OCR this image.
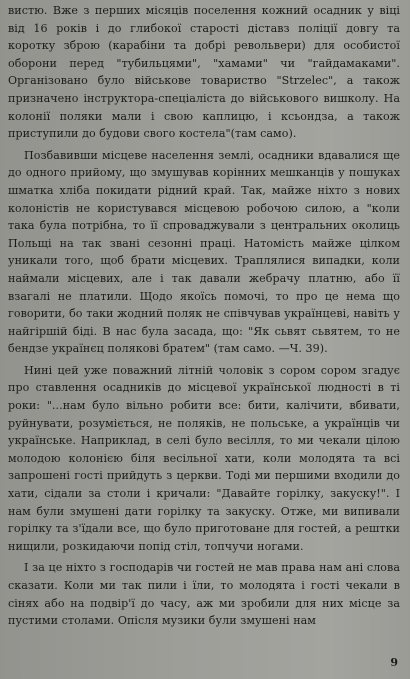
вистю. Вже з перших місяців поселення кожний осадник у віці від 16 років і до глибокої старості діставз поліції довгу та коротку зброю (карабіни та добрі револьвери) для особистої оборони перед "тубильцями", "хамами" чи "гайдамаками". Організовано було військове товариство "Strzelec", а також призначено інструктора-спеціаліста до військового вишколу. На колонії поляки мали і свою каплицю, і ксьондза, а також приступили до будови свого костела"(там само).

Позбавивши місцеве населення землі, осадники вдавалися ще до одного прийому, що змушував корінних мешканців у пошуках шматка хліба покидати рідний край. Так, майже ніхто з нових колоністів не користувався місцевою робочою силою, а "коли така була потрібна, то її спроваджували з центральних околиць Польщі на так звані сезонні праці. Натомість майже цілком уникали того, щоб брати місцевих. Траплялися випадки, коли наймали місцевих, але і так давали жебрачу платню, або її взагалі не платили. Щодо якоїсь помочі, то про це нема що говорити, бо таки жодний поляк не співчував українцеві, навіть у найгіршій біді. В нас була засада, що: "Як сьвят сьвятем, то не бендзе українєц полякові братем" (там само. —Ч. 39).

Нині цей уже поважний літній чоловік з сором сором згадує про ставлення осадників до місцевої української людності в ті роки: "...нам було вільно робити все: бити, калічити, вбивати, руйнувати, розуміється, не поляків, не польське, а українців чи українське. Наприклад, в селі було весілля, то ми чекали цілою молодою колонією біля весільної хати, коли молодята та всі запрошені гості прийдуть з церкви. Тоді ми першими входили до хати, сідали за столи і кричали: "Давайте горілку, закуску!". І нам були змушені дати горілку та закуску. Отже, ми випивали горілку та з'їдали все, що було приготоване для гостей, а рештки нищили, розкидаючи попід стіл, топчучи ногами.

І за це ніхто з господарів чи гостей не мав права нам ані слова сказати. Коли ми так пили і їли, то молодята і гості чекали в сінях або на подвір'ї до часу, аж ми зробили для них місце за пустими столами. Опісля музики були змушені нам

9
